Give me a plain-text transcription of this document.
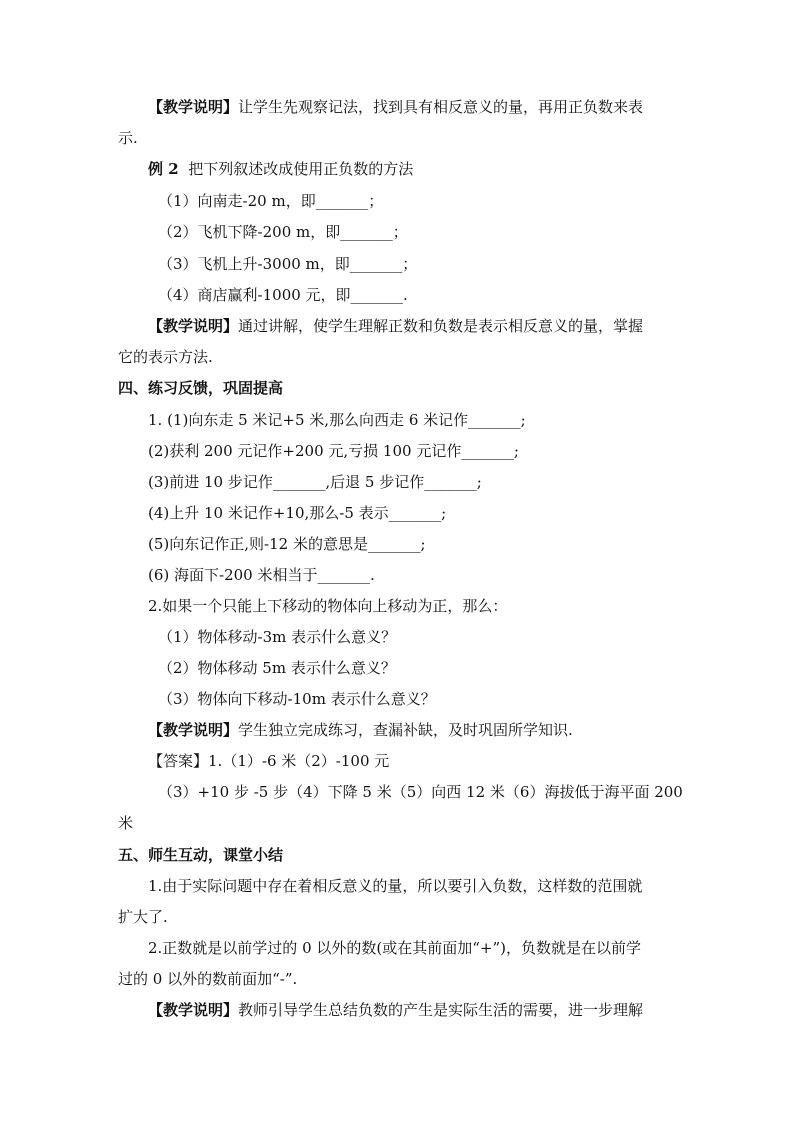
【教学说明】让学生先观察记法，找到具有相反意义的量，再用正负数来表
示.
例 2 把下列叙述改成使用正负数的方法
（1）向南走-20 m，即_______；
（2）飞机下降-200 m，即_______；
（3）飞机上升-3000 m，即_______；
（4）商店赢利-1000 元，即_______.
【教学说明】通过讲解，使学生理解正数和负数是表示相反意义的量，掌握
它的表示方法.
四、练习反馈，巩固提高
1. (1)向东走 5 米记+5 米,那么向西走 6 米记作_______;
(2)获利 200 元记作+200 元,亏损 100 元记作_______;
(3)前进 10 步记作_______,后退 5 步记作_______;
(4)上升 10 米记作+10,那么-5 表示_______;
(5)向东记作正,则-12 米的意思是_______;
(6) 海面下-200 米相当于_______.
2.如果一个只能上下移动的物体向上移动为正，那么：
（1）物体移动-3m 表示什么意义？
（2）物体移动 5m 表示什么意义？
（3）物体向下移动-10m 表示什么意义？
【教学说明】学生独立完成练习，查漏补缺，及时巩固所学知识.
【答案】1.（1）-6 米（2）-100 元
（3）+10 步 -5 步（4）下降 5 米（5）向西 12 米（6）海拔低于海平面 200
米
五、师生互动，课堂小结
1.由于实际问题中存在着相反意义的量，所以要引入负数，这样数的范围就
扩大了.
2.正数就是以前学过的 0 以外的数(或在其前面加“+”)，负数就是在以前学
过的 0 以外的数前面加“-”.
【教学说明】教师引导学生总结负数的产生是实际生活的需要，进一步理解
